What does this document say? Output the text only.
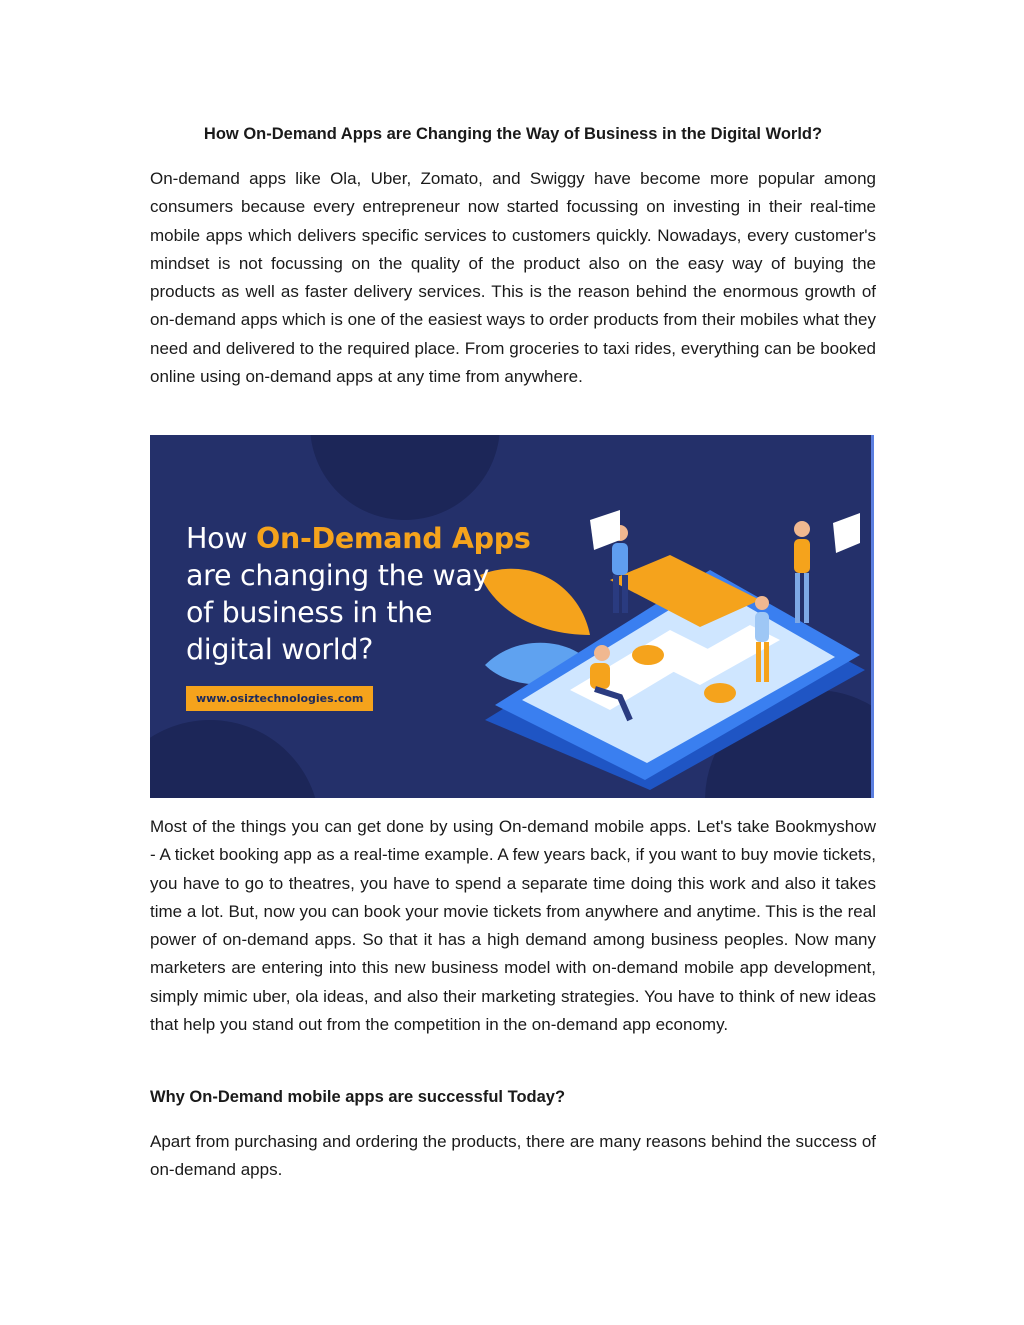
How On-Demand Apps are Changing the Way of Business in the Digital World?

On-demand apps like Ola, Uber, Zomato, and Swiggy have become more popular among consumers because every entrepreneur now started focussing on investing in their real-time mobile apps which delivers specific services to customers quickly. Nowadays, every customer's mindset is not focussing on the quality of the product also on the easy way of buying the products as well as faster delivery services. This is the reason behind the enormous growth of on-demand apps which is one of the easiest ways to order products from their mobiles what they need and delivered to the required place. From groceries to taxi rides, everything can be booked online using on-demand apps at any time from anywhere.

How On-Demand Apps
are changing the way
of business in the
digital world?

www.osiztechnologies.com

Most of the things you can get done by using On-demand mobile apps. Let's take Bookmyshow - A ticket booking app as a real-time example. A few years back, if you want to buy movie tickets, you have to go to theatres, you have to spend a separate time doing this work and also it takes time a lot. But, now you can book your movie tickets from anywhere and anytime. This is the real power of on-demand apps. So that it has a high demand among business peoples. Now many marketers are entering into this new business model with on-demand mobile app development, simply mimic uber, ola ideas, and also their marketing strategies. You have to think of new ideas that help you stand out from the competition in the on-demand app economy.

Why On-Demand mobile apps are successful Today?

Apart from purchasing and ordering the products, there are many reasons behind the success of on-demand apps.
